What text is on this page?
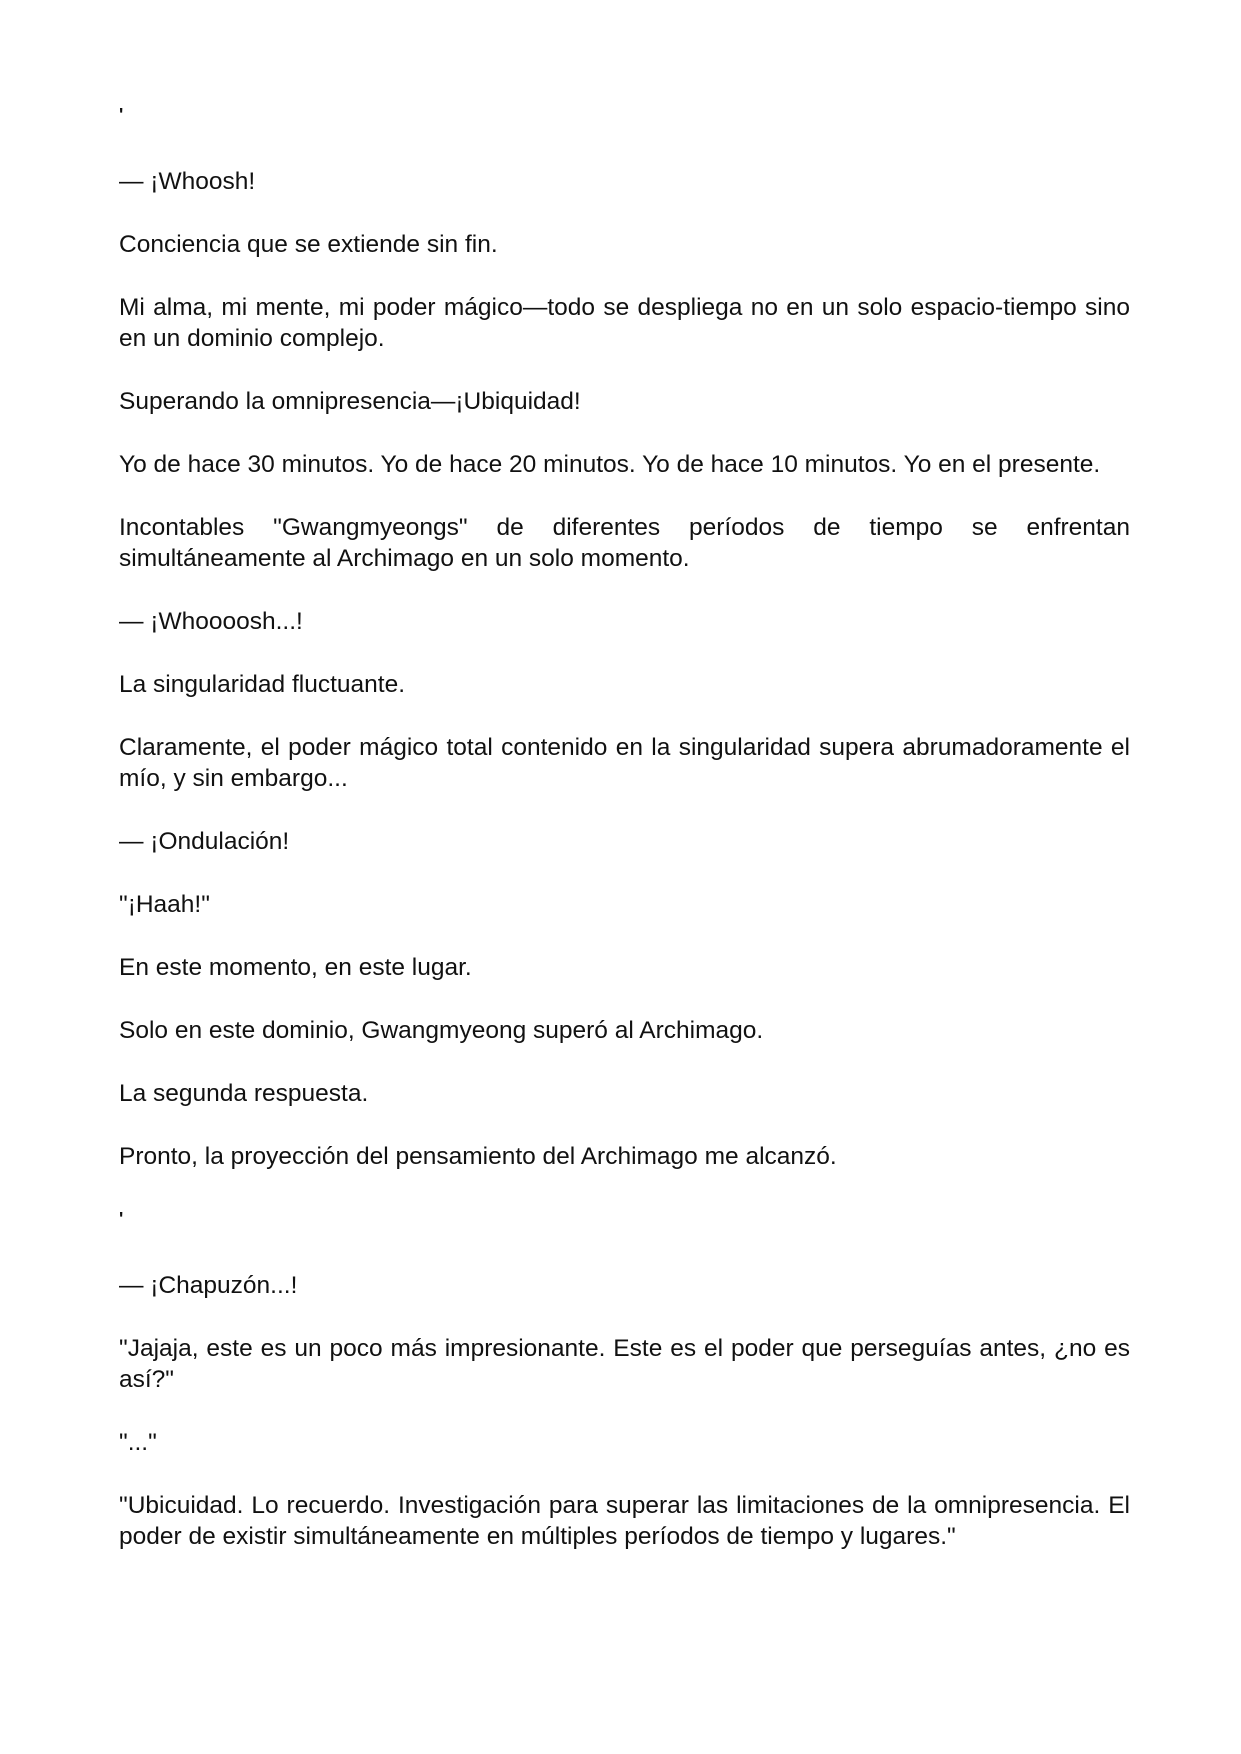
'

— ¡Whoosh!

Conciencia que se extiende sin fin.

Mi alma, mi mente, mi poder mágico—todo se despliega no en un solo espacio-tiempo sino en un dominio complejo.

Superando la omnipresencia—¡Ubiquidad!

Yo de hace 30 minutos. Yo de hace 20 minutos. Yo de hace 10 minutos. Yo en el presente.

Incontables "Gwangmyeongs" de diferentes períodos de tiempo se enfrentan simultáneamente al Archimago en un solo momento.

— ¡Whoooosh...!

La singularidad fluctuante.

Claramente, el poder mágico total contenido en la singularidad supera abrumadoramente el mío, y sin embargo...

— ¡Ondulación!

"¡Haah!"

En este momento, en este lugar.

Solo en este dominio, Gwangmyeong superó al Archimago.

La segunda respuesta.

Pronto, la proyección del pensamiento del Archimago me alcanzó.

'

— ¡Chapuzón...!

"Jajaja, este es un poco más impresionante. Este es el poder que perseguías antes, ¿no es así?"

"..."

"Ubicuidad. Lo recuerdo. Investigación para superar las limitaciones de la omnipresencia. El poder de existir simultáneamente en múltiples períodos de tiempo y lugares."
